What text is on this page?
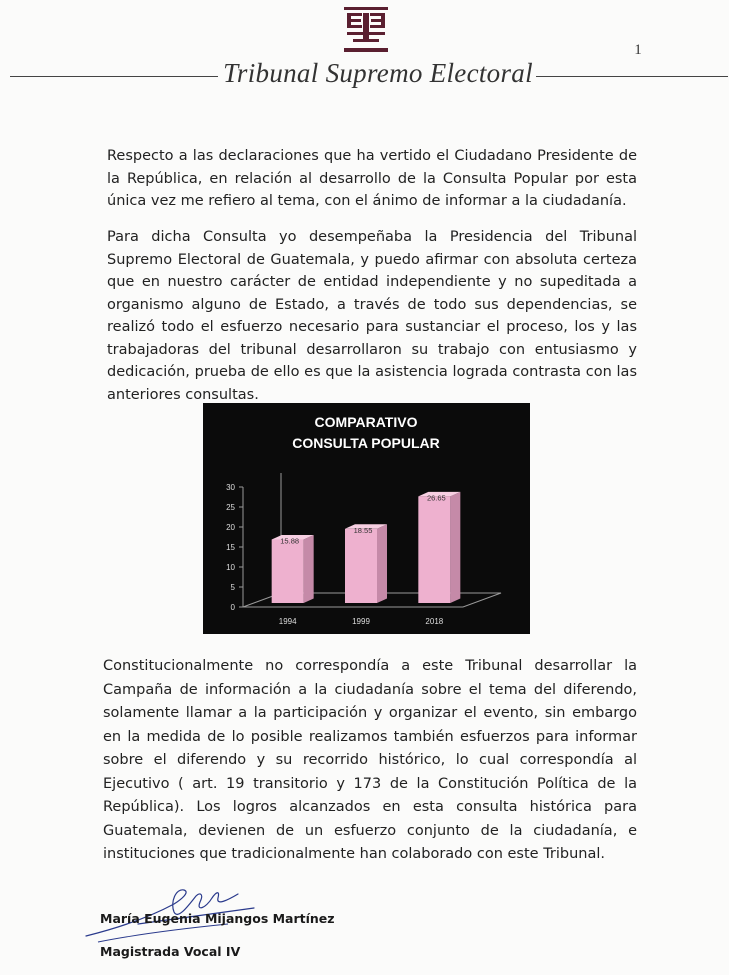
1
Tribunal Supremo Electoral

Respecto a las declaraciones que ha vertido el Ciudadano Presidente de la República, en relación al desarrollo de la Consulta Popular por esta única vez me refiero al tema, con el ánimo de informar a la ciudadanía.

Para dicha Consulta yo desempeñaba la Presidencia del Tribunal Supremo Electoral de Guatemala, y puedo afirmar con absoluta certeza que en nuestro carácter de entidad independiente y no supeditada a organismo alguno de Estado, a través de todo sus dependencias, se realizó todo el esfuerzo necesario para sustanciar el proceso, los y las trabajadoras del tribunal desarrollaron su trabajo con entusiasmo y dedicación, prueba de ello es que la asistencia lograda contrasta con las anteriores consultas.

COMPARATIVO
CONSULTA POPULAR
0
5
10
15
20
25
30
15.88
1994
18.55
1999
26.65
2018

Constitucionalmente no correspondía a este Tribunal desarrollar la Campaña de información a la ciudadanía sobre el tema del diferendo, solamente llamar a la participación y organizar el evento, sin embargo en la medida de lo posible realizamos también esfuerzos para informar sobre el diferendo y su recorrido histórico, lo cual correspondía al Ejecutivo ( art. 19 transitorio y 173 de la Constitución Política de la República). Los logros alcanzados en esta consulta histórica para Guatemala, devienen de un esfuerzo conjunto de la ciudadanía, e instituciones que tradicionalmente han colaborado con este Tribunal.

María Eugenia Mijangos Martínez
Magistrada Vocal IV
